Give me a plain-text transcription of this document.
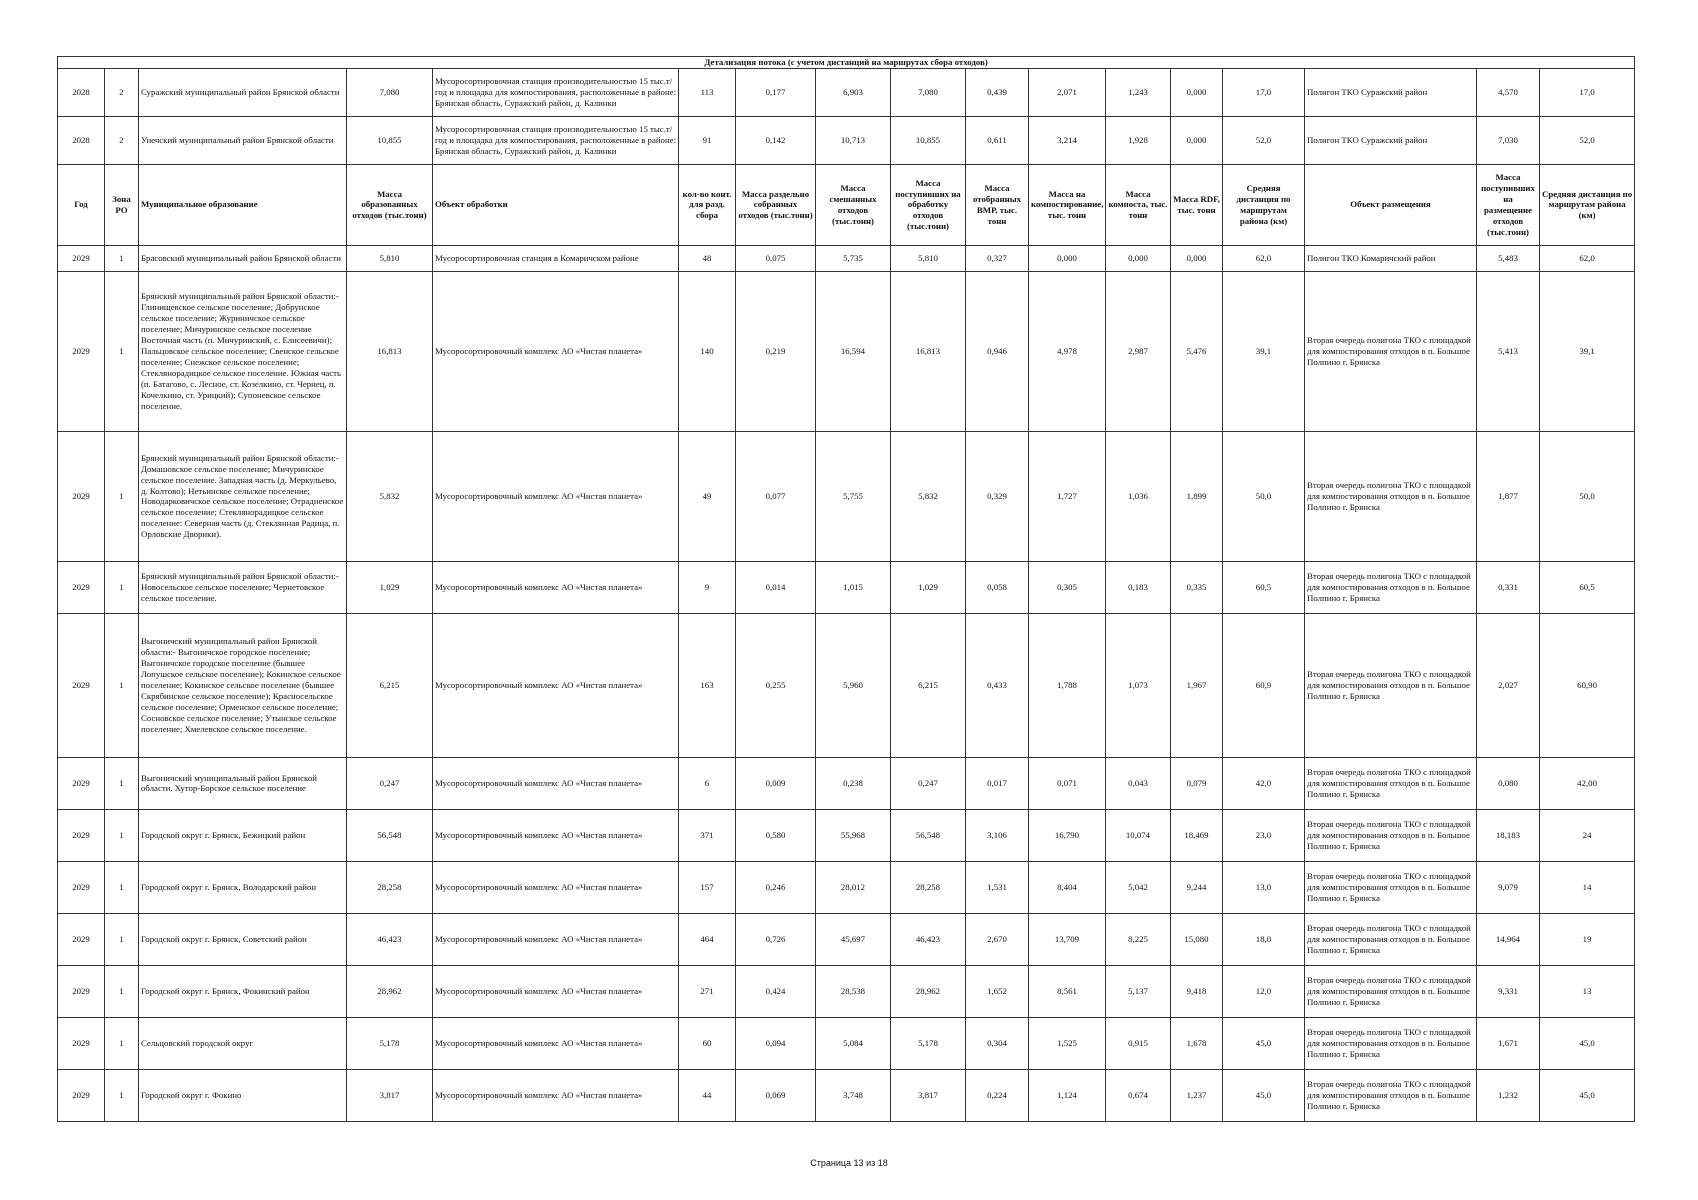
Детализация потока (с учетом дистанций на маршрутах сбора отходов)																
2028	2	Суражский муниципальный район Брянской области	7,080	Мусоросортировочная станция производительностью 15 тыс.т/год и площадка для компостирования, расположенные в районе: Брянская область, Суражский район, д. Калинки	113	0,177	6,903	7,080	0,439	2,071	1,243	0,000	17,0	Полигон ТКО Суражский район	4,570	17,0
2028	2	Унечский муниципальный район Брянской области	10,855	Мусоросортировочная станция производительностью 15 тыс.т/год и площадка для компостирования, расположенные в районе: Брянская область, Суражский район, д. Калинки	91	0,142	10,713	10,855	0,611	3,214	1,928	0,000	52,0	Полигон ТКО Суражский район	7,030	52,0
Год	Зона РО	Муниципальное образование	Масса образованных отходов (тыс.тонн)	Объект обработки	кол-во конт. для разд. сбора	Масса раздельно собранных отходов (тыс.тонн)	Масса смешанных отходов (тыс.тонн)	Масса поступивших на обработку отходов (тыс.тонн)	Масса отобранных ВМР, тыс. тонн	Масса на компостирование, тыс. тонн	Масса компоста, тыс. тонн	Масса RDF, тыс. тонн	Средняя дистанция по маршрутам района (км)	Объект размещения	Масса поступивших на размещение отходов (тыс.тонн)	Средняя дистанция по маршрутам района (км)
2029	1	Брасовский муниципальный район Брянской области	5,810	Мусоросортировочная станция в Комаричском районе	48	0,075	5,735	5,810	0,327	0,000	0,000	0,000	62,0	Полигон ТКО Комаричский район	5,483	62,0
2029	1	Брянский муниципальный район Брянской области:- Глинищевское сельское поселение; Добрунское сельское поселение; Журиничское сельское поселение; Мичуринское сельское поселение Восточная часть (п. Мичуринский, с. Елисеевичи); Пальцовское сельское поселение; Свенское сельское поселение; Снежское сельское поселение; Стеклянорадицкое сельское поселение. Южная часть (п. Батагово, с. Лесное, ст. Козелкино, ст. Чернец, п. Кочелкино, ст. Урицкий); Супоневское сельское поселение.	16,813	Мусоросортировочный комплекс АО «Чистая планета»	140	0,219	16,594	16,813	0,946	4,978	2,987	5,476	39,1	Вторая очередь полигона ТКО с площадкой для компостирования отходов в п. Большое Полпино г. Брянска	5,413	39,1
2029	1	Брянский муниципальный район Брянской области:- Домашовское сельское поселение; Мичуринское сельское поселение. Западная часть (д. Меркульево, д. Колтово); Нетьинское сельское поселение; Новодарковичское сельское поселение; Отрадненское сельское поселение; Стеклянорадицкое сельское поселение: Северная часть (д. Стеклянная Радица, п. Орловские Дворики).	5,832	Мусоросортировочный комплекс АО «Чистая планета»	49	0,077	5,755	5,832	0,329	1,727	1,036	1,899	50,0	Вторая очередь полигона ТКО с площадкой для компостирования отходов в п. Большое Полпино г. Брянска	1,877	50,0
2029	1	Брянский муниципальный район Брянской области:- Новосельское сельское поселение; Чернетовское сельское поселение.	1,029	Мусоросортировочный комплекс АО «Чистая планета»	9	0,014	1,015	1,029	0,058	0,305	0,183	0,335	60,5	Вторая очередь полигона ТКО с площадкой для компостирования отходов в п. Большое Полпино г. Брянска	0,331	60,5
2029	1	Выгоничский муниципальный район Брянской области:- Выгоничское городское поселение; Выгоничское городское поселение (бывшее Лопушское сельское поселение); Кокинское сельское поселение; Кокинское сельское поселение (бывшее Скрябинское сельское поселение); Красносельское сельское поселение; Орменское сельское поселение; Сосновское сельское поселение; Утынское сельское поселение; Хмелевское сельское поселение.	6,215	Мусоросортировочный комплекс АО «Чистая планета»	163	0,255	5,960	6,215	0,433	1,788	1,073	1,967	60,9	Вторая очередь полигона ТКО с площадкой для компостирования отходов в п. Большое Полпино г. Брянска	2,027	60,90
2029	1	Выгоничский муниципальный район Брянской области. Хутор-Борское сельское поселение	0,247	Мусоросортировочный комплекс АО «Чистая планета»	6	0,009	0,238	0,247	0,017	0,071	0,043	0,079	42,0	Вторая очередь полигона ТКО с площадкой для компостирования отходов в п. Большое Полпино г. Брянска	0,080	42,00
2029	1	Городской округ г. Брянск, Бежицкий район	56,548	Мусоросортировочный комплекс АО «Чистая планета»	371	0,580	55,968	56,548	3,106	16,790	10,074	18,469	23,0	Вторая очередь полигона ТКО с площадкой для компостирования отходов в п. Большое Полпино г. Брянска	18,183	24
2029	1	Городской округ г. Брянск, Володарский район	28,258	Мусоросортировочный комплекс АО «Чистая планета»	157	0,246	28,012	28,258	1,531	8,404	5,042	9,244	13,0	Вторая очередь полигона ТКО с площадкой для компостирования отходов в п. Большое Полпино г. Брянска	9,079	14
2029	1	Городской округ г. Брянск, Советский район	46,423	Мусоросортировочный комплекс АО «Чистая планета»	464	0,726	45,697	46,423	2,670	13,709	8,225	15,080	18,0	Вторая очередь полигона ТКО с площадкой для компостирования отходов в п. Большое Полпино г. Брянска	14,964	19
2029	1	Городской округ г. Брянск, Фокинский район	28,962	Мусоросортировочный комплекс АО «Чистая планета»	271	0,424	28,538	28,962	1,652	8,561	5,137	9,418	12,0	Вторая очередь полигона ТКО с площадкой для компостирования отходов в п. Большое Полпино г. Брянска	9,331	13
2029	1	Сельцовский городской округ	5,178	Мусоросортировочный комплекс АО «Чистая планета»	60	0,094	5,084	5,178	0,304	1,525	0,915	1,678	45,0	Вторая очередь полигона ТКО с площадкой для компостирования отходов в п. Большое Полпино г. Брянска	1,671	45,0
2029	1	Городской округ г. Фокино	3,817	Мусоросортировочный комплекс АО «Чистая планета»	44	0,069	3,748	3,817	0,224	1,124	0,674	1,237	45,0	Вторая очередь полигона ТКО с площадкой для компостирования отходов в п. Большое Полпино г. Брянска	1,232	45,0
Страница 13 из 18
